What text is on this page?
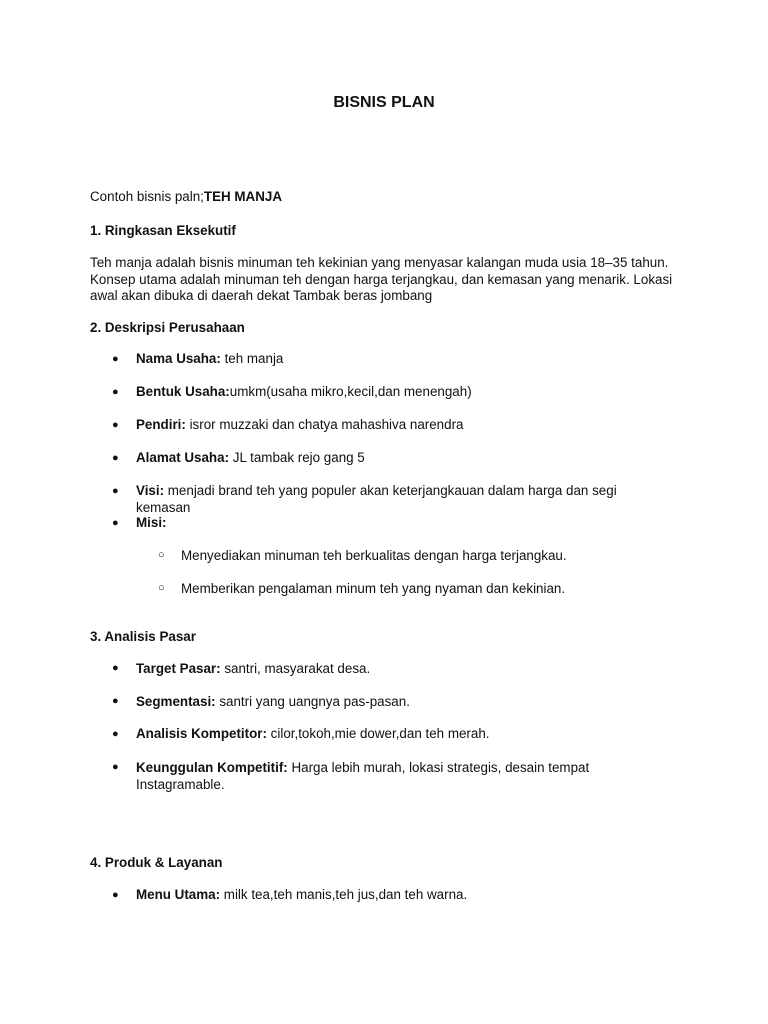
BISNIS PLAN
Contoh bisnis paln;TEH MANJA
1. Ringkasan Eksekutif
Teh manja adalah bisnis minuman teh kekinian yang menyasar kalangan muda usia 18–35 tahun. Konsep utama adalah minuman teh dengan harga terjangkau, dan kemasan yang menarik. Lokasi awal akan dibuka di daerah dekat Tambak beras jombang
2. Deskripsi Perusahaan
● Nama Usaha: teh manja
● Bentuk Usaha:umkm(usaha mikro,kecil,dan menengah)
● Pendiri: isror muzzaki dan chatya mahashiva narendra
● Alamat Usaha: JL tambak rejo gang 5
● Visi: menjadi brand teh yang populer akan keterjangkauan dalam harga dan segi kemasan
● Misi:
○ Menyediakan minuman teh berkualitas dengan harga terjangkau.
○ Memberikan pengalaman minum teh yang nyaman dan kekinian.
3. Analisis Pasar
● Target Pasar: santri, masyarakat desa.
● Segmentasi: santri yang uangnya pas-pasan.
● Analisis Kompetitor: cilor,tokoh,mie dower,dan teh merah.
● Keunggulan Kompetitif: Harga lebih murah, lokasi strategis, desain tempat Instagramable.
4. Produk & Layanan
● Menu Utama: milk tea,teh manis,teh jus,dan teh warna.
